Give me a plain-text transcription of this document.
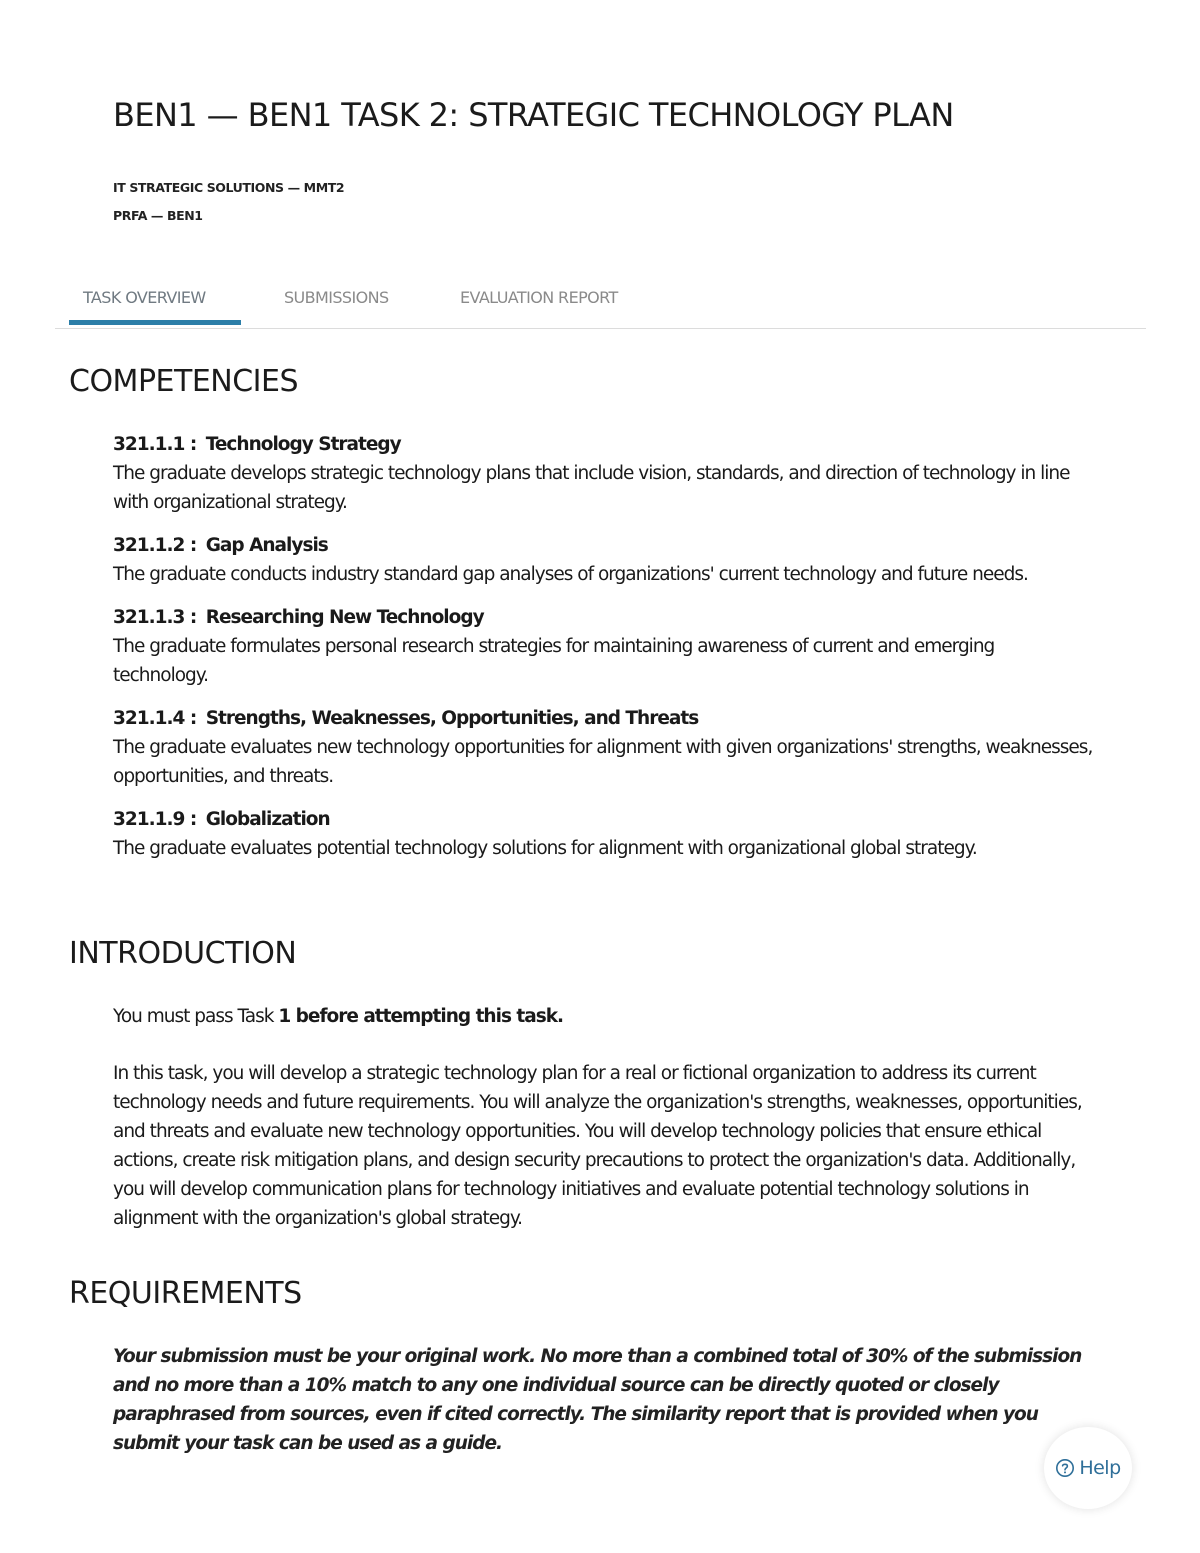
BEN1 — BEN1 TASK 2: STRATEGIC TECHNOLOGY PLAN
IT STRATEGIC SOLUTIONS — MMT2
PRFA — BEN1
TASK OVERVIEW	SUBMISSIONS	EVALUATION REPORT
COMPETENCIES
321.1.1 : Technology Strategy
The graduate develops strategic technology plans that include vision, standards, and direction of technology in line with organizational strategy.
321.1.2 : Gap Analysis
The graduate conducts industry standard gap analyses of organizations' current technology and future needs.
321.1.3 : Researching New Technology
The graduate formulates personal research strategies for maintaining awareness of current and emerging technology.
321.1.4 : Strengths, Weaknesses, Opportunities, and Threats
The graduate evaluates new technology opportunities for alignment with given organizations' strengths, weaknesses, opportunities, and threats.
321.1.9 : Globalization
The graduate evaluates potential technology solutions for alignment with organizational global strategy.
INTRODUCTION

You must pass Task 1 before attempting this task.

In this task, you will develop a strategic technology plan for a real or fictional organization to address its current technology needs and future requirements. You will analyze the organization's strengths, weaknesses, opportunities, and threats and evaluate new technology opportunities. You will develop technology policies that ensure ethical actions, create risk mitigation plans, and design security precautions to protect the organization's data. Additionally, you will develop communication plans for technology initiatives and evaluate potential technology solutions in alignment with the organization's global strategy.

REQUIREMENTS

Your submission must be your original work. No more than a combined total of 30% of the submission and no more than a 10% match to any one individual source can be directly quoted or closely paraphrased from sources, even if cited correctly. The similarity report that is provided when you submit your task can be used as a guide.

Help
